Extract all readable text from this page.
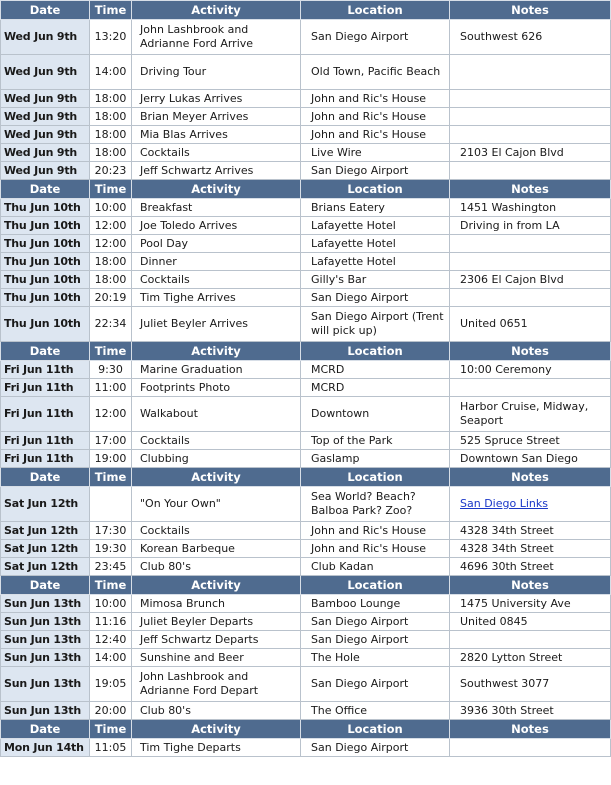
Date	Time	Activity	Location	Notes
Wed Jun 9th	13:20	John Lashbrook and Adrianne Ford Arrive	San Diego Airport	Southwest 626
Wed Jun 9th	14:00	Driving Tour	Old Town, Pacific Beach	
Wed Jun 9th	18:00	Jerry Lukas Arrives	John and Ric's House	
Wed Jun 9th	18:00	Brian Meyer Arrives	John and Ric's House	
Wed Jun 9th	18:00	Mia Blas Arrives	John and Ric's House	
Wed Jun 9th	18:00	Cocktails	Live Wire	2103 El Cajon Blvd
Wed Jun 9th	20:23	Jeff Schwartz Arrives	San Diego Airport	
Date	Time	Activity	Location	Notes
Thu Jun 10th	10:00	Breakfast	Brians Eatery	1451 Washington
Thu Jun 10th	12:00	Joe Toledo Arrives	Lafayette Hotel	Driving in from LA
Thu Jun 10th	12:00	Pool Day	Lafayette Hotel	
Thu Jun 10th	18:00	Dinner	Lafayette Hotel	
Thu Jun 10th	18:00	Cocktails	Gilly's Bar	2306 El Cajon Blvd
Thu Jun 10th	20:19	Tim Tighe Arrives	San Diego Airport	
Thu Jun 10th	22:34	Juliet Beyler Arrives	San Diego Airport (Trent will pick up)	United 0651
Date	Time	Activity	Location	Notes
Fri Jun 11th	9:30	Marine Graduation	MCRD	10:00 Ceremony
Fri Jun 11th	11:00	Footprints Photo	MCRD	
Fri Jun 11th	12:00	Walkabout	Downtown	Harbor Cruise, Midway, Seaport
Fri Jun 11th	17:00	Cocktails	Top of the Park	525 Spruce Street
Fri Jun 11th	19:00	Clubbing	Gaslamp	Downtown San Diego
Date	Time	Activity	Location	Notes
Sat Jun 12th		"On Your Own"	Sea World? Beach? Balboa Park? Zoo?	San Diego Links
Sat Jun 12th	17:30	Cocktails	John and Ric's House	4328 34th Street
Sat Jun 12th	19:30	Korean Barbeque	John and Ric's House	4328 34th Street
Sat Jun 12th	23:45	Club 80's	Club Kadan	4696 30th Street
Date	Time	Activity	Location	Notes
Sun Jun 13th	10:00	Mimosa Brunch	Bamboo Lounge	1475 University Ave
Sun Jun 13th	11:16	Juliet Beyler Departs	San Diego Airport	United 0845
Sun Jun 13th	12:40	Jeff Schwartz Departs	San Diego Airport	
Sun Jun 13th	14:00	Sunshine and Beer	The Hole	2820 Lytton Street
Sun Jun 13th	19:05	John Lashbrook and Adrianne Ford Depart	San Diego Airport	Southwest 3077
Sun Jun 13th	20:00	Club 80's	The Office	3936 30th Street
Date	Time	Activity	Location	Notes
Mon Jun 14th	11:05	Tim Tighe Departs	San Diego Airport	
